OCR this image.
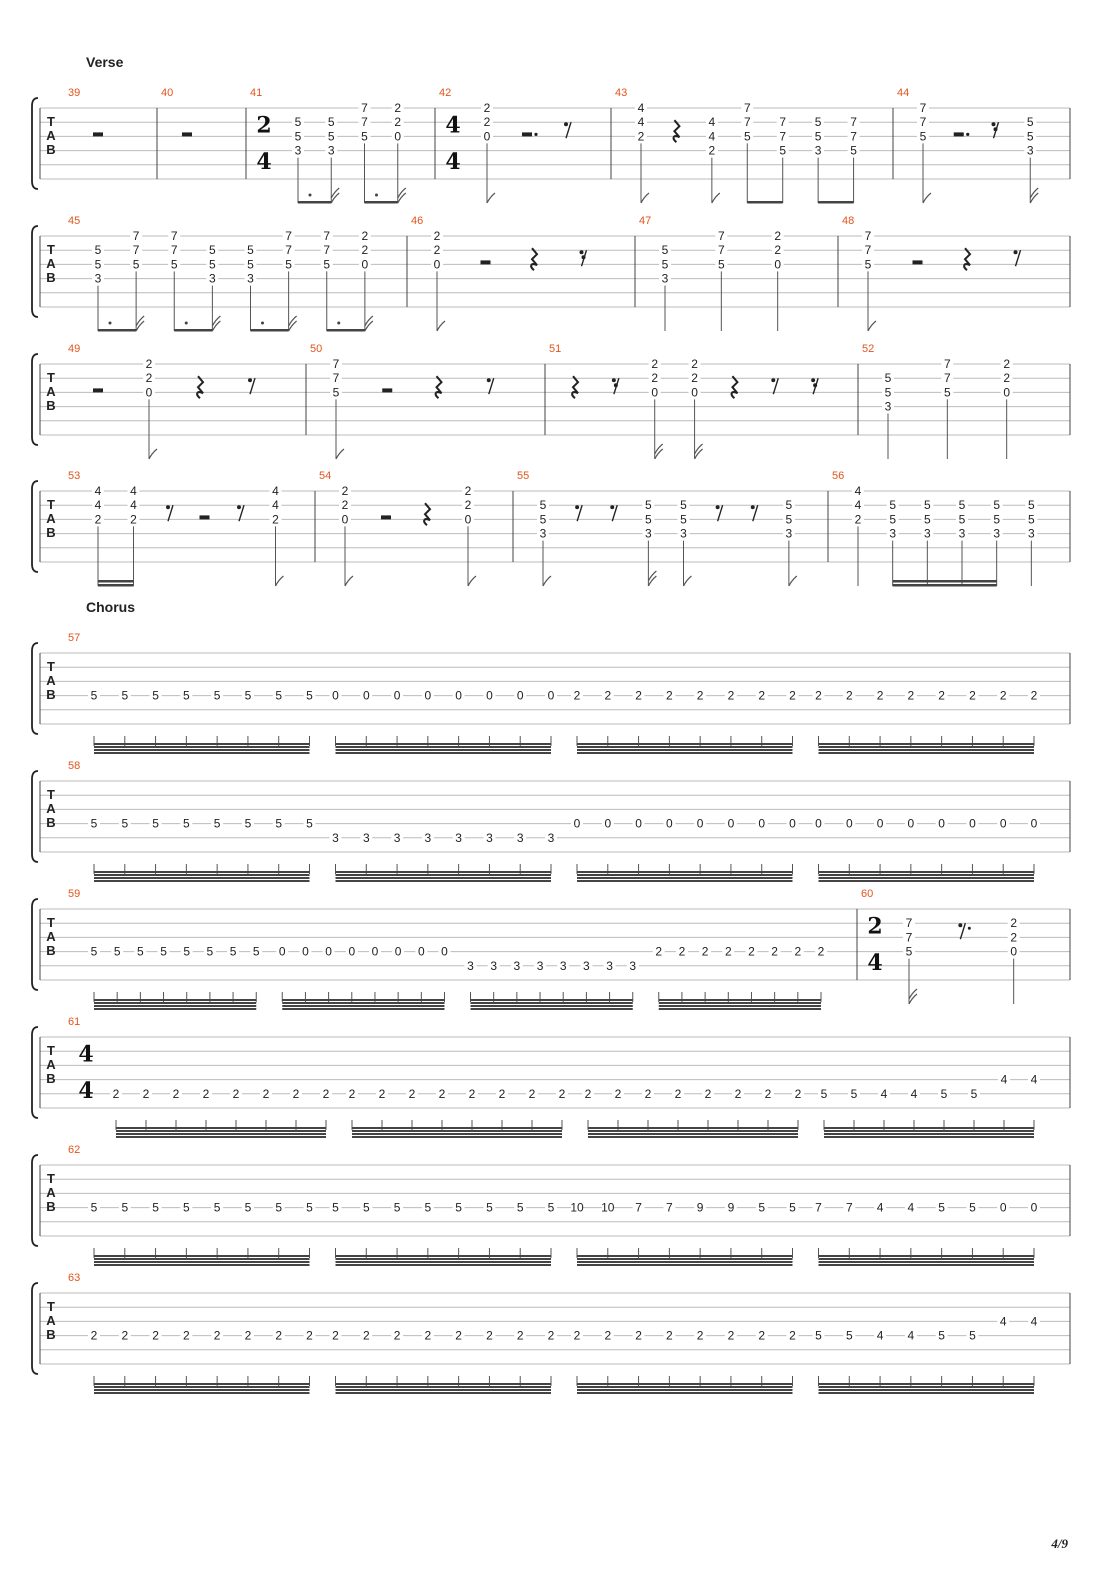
Verse
Chorus
T
A
B
39	40	41
2
4
5
5
3
5
5
3
7
7
5
2
2
0
42
4
4
2
2
0
43
4
4
2
4
4
2
7
7
5
7
7
5
5
5
3
7
7
5
44
7
7
5
5
5
3
T
A
B
45
5
5
3
7
7
5
7
7
5
5
5
3
5
5
3
7
7
5
7
7
5
2
2
0
46
2
2
0
47
5
5
3
7
7
5
2
2
0
48
7
7
5
T
A
B
49
2
2
0
50
7
7
5
51
2
2
0
2
2
0
52
5
5
3
7
7
5
2
2
0
T
A
B
53
4
4
2
4
4
2
4
4
2
54
2
2
0
2
2
0
55
5
5
3
5
5
3
5
5
3
5
5
3
56
4
4
2
5
5
3
5
5
3
5
5
3
5
5
3
5
5
3
T
A
B
57
5 5 5 5 5 5 5 5 0 0 0 0 0 0 0 0 2 2 2 2 2 2 2 2 2 2 2 2 2 2 2 2
T
A
B
58
5 5 5 5 5 5 5 5
3 3 3 3 3 3 3 3
0 0 0 0 0 0 0 0 0 0 0 0 0 0 0 0
T
A
B
59
5 5 5 5 5 5 5 5 0 0 0 0 0 0 0 0
3 3 3 3 3 3 3 3
2 2 2 2 2 2 2 2
60
2
4
7
7
5
2
2
0
T
A
B
61
4
4 2 2 2 2 2 2 2 2 2 2 2 2 2 2 2 2 2 2 2 2 2 2 2 2 5 5 4 4 5 5
4 4
T
A
B
62
5 5 5 5 5 5 5 5 5 5 5 5 5 5 5 5 10 10 7 7 9 9 5 5 7 7 4 4 5 5 0 0
T
A
B
63
2 2 2 2 2 2 2 2 2 2 2 2 2 2 2 2 2 2 2 2 2 2 2 2 5 5 4 4 5 5
4 4
4/9
